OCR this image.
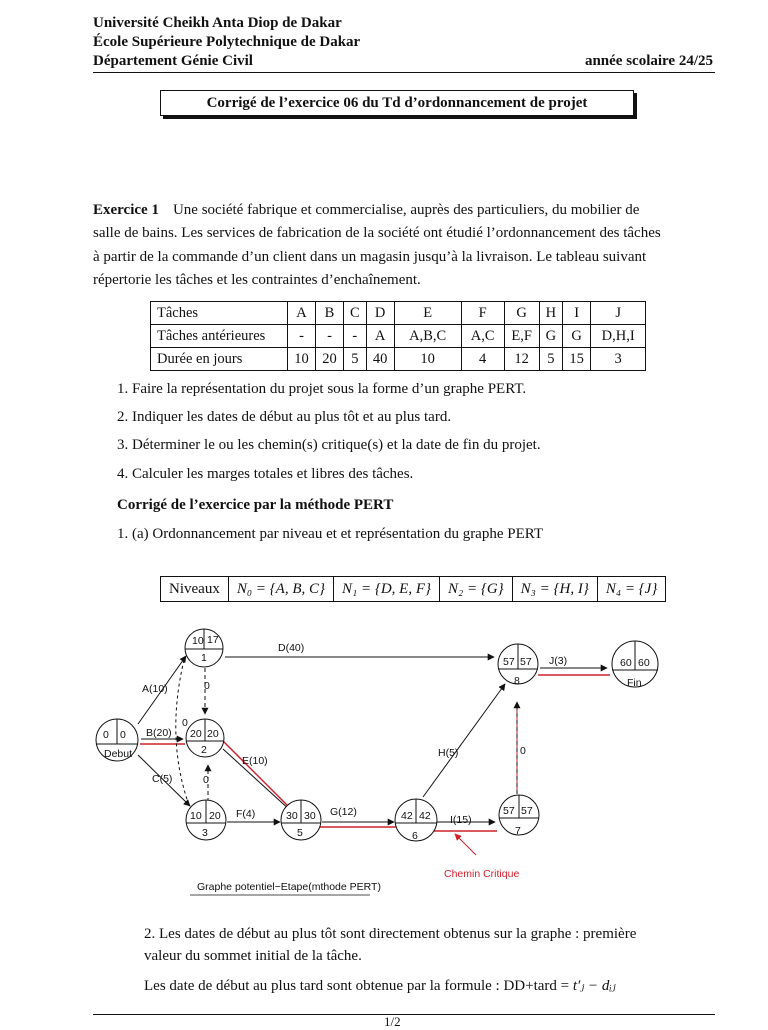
Université Cheikh Anta Diop de Dakar
École Supérieure Polytechnique de Dakar
Département Génie Civil	année scolaire 24/25
Corrigé de l’exercice 06 du Td d’ordonnancement de projet
Exercice 1 Une société fabrique et commercialise, auprès des particuliers, du mobilier de
salle de bains. Les services de fabrication de la société ont étudié l’ordonnancement des tâches
à partir de la commande d’un client dans un magasin jusqu’à la livraison. Le tableau suivant
répertorie les tâches et les contraintes d’enchaînement.
Tâches	A	B	C	D	E	F	G	H	I	J
Tâches antérieures	-	-	-	A	A,B,C	A,C	E,F	G	G	D,H,I
Durée en jours	10	20	5	40	10	4	12	5	15	3
1. Faire la représentation du projet sous la forme d’un graphe PERT.
2. Indiquer les dates de début au plus tôt et au plus tard.
3. Déterminer le ou les chemin(s) critique(s) et la date de fin du projet.
4. Calculer les marges totales et libres des tâches.
Corrigé de l’exercice par la méthode PERT
1. (a) Ordonnancement par niveau et et représentation du graphe PERT
Niveaux	N₀ = {A, B, C}	N₁ = {D, E, F}	N₂ = {G}	N₃ = {H, I}	N₄ = {J}
A(10)
B(20)
C(5)
D(40)
E(10)
F(4)	G(12)
H(5)
I(15)
J(3)
0
0
0
0
0 0
Debut
10 17
1
20 20
2
10 20
3
30 30
5
42 42
6
57 57
7
57 57
8
60 60
Fin
Chemin Critique
Graphe potentiel−Etape(mthode PERT)
2. Les dates de début au plus tôt sont directement obtenus sur la graphe : première
valeur du sommet initial de la tâche.
Les date de début au plus tard sont obtenue par la formule : DD+tard = t′ⱼ − dᵢⱼ
1/2
